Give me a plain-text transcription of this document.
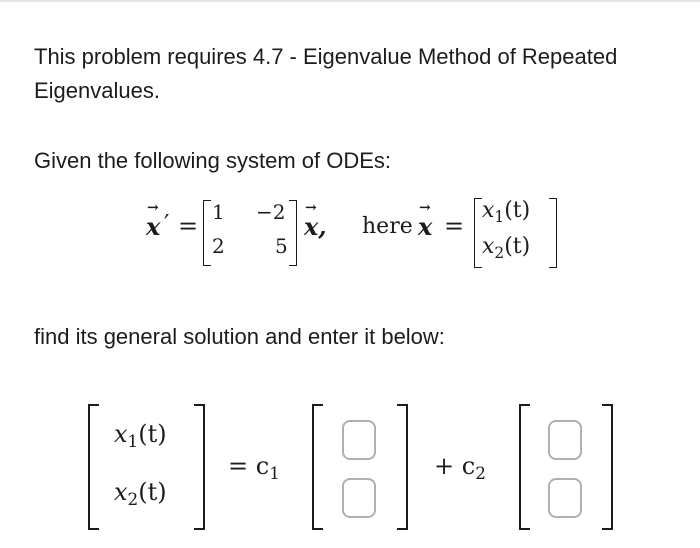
This problem requires 4.7 - Eigenvalue Method of Repeated Eigenvalues.
Given the following system of ODEs:
→
x ′ = 1 −2
2	5
→
x, here
→
x =
$x_1(t)$
$x_2(t)$
find its general solution and enter it below:
$x_1(t)$
$x_2(t)$
= $c_1$	+ $c_2$
